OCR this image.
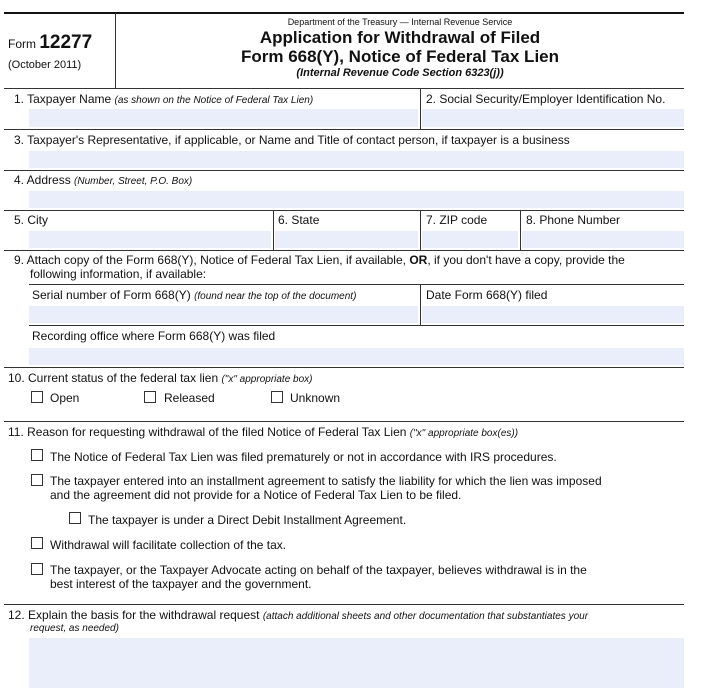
Form 12277
(October 2011)
Department of the Treasury — Internal Revenue Service
Application for Withdrawal of Filed
Form 668(Y), Notice of Federal Tax Lien
(Internal Revenue Code Section 6323(j))
1. Taxpayer Name (as shown on the Notice of Federal Tax Lien)	2. Social Security/Employer Identification No.
3. Taxpayer's Representative, if applicable, or Name and Title of contact person, if taxpayer is a business
4. Address (Number, Street, P.O. Box)
5. City	6. State	7. ZIP code	8. Phone Number
9. Attach copy of the Form 668(Y), Notice of Federal Tax Lien, if available, OR, if you don't have a copy, provide the
following information, if available:
Serial number of Form 668(Y) (found near the top of the document)	Date Form 668(Y) filed
Recording office where Form 668(Y) was filed
10. Current status of the federal tax lien ("x" appropriate box)
Open	Released	Unknown
11. Reason for requesting withdrawal of the filed Notice of Federal Tax Lien ("x" appropriate box(es))
The Notice of Federal Tax Lien was filed prematurely or not in accordance with IRS procedures.
The taxpayer entered into an installment agreement to satisfy the liability for which the lien was imposed
and the agreement did not provide for a Notice of Federal Tax Lien to be filed.
The taxpayer is under a Direct Debit Installment Agreement.
Withdrawal will facilitate collection of the tax.
The taxpayer, or the Taxpayer Advocate acting on behalf of the taxpayer, believes withdrawal is in the
best interest of the taxpayer and the government.
12. Explain the basis for the withdrawal request (attach additional sheets and other documentation that substantiates your
request, as needed)
